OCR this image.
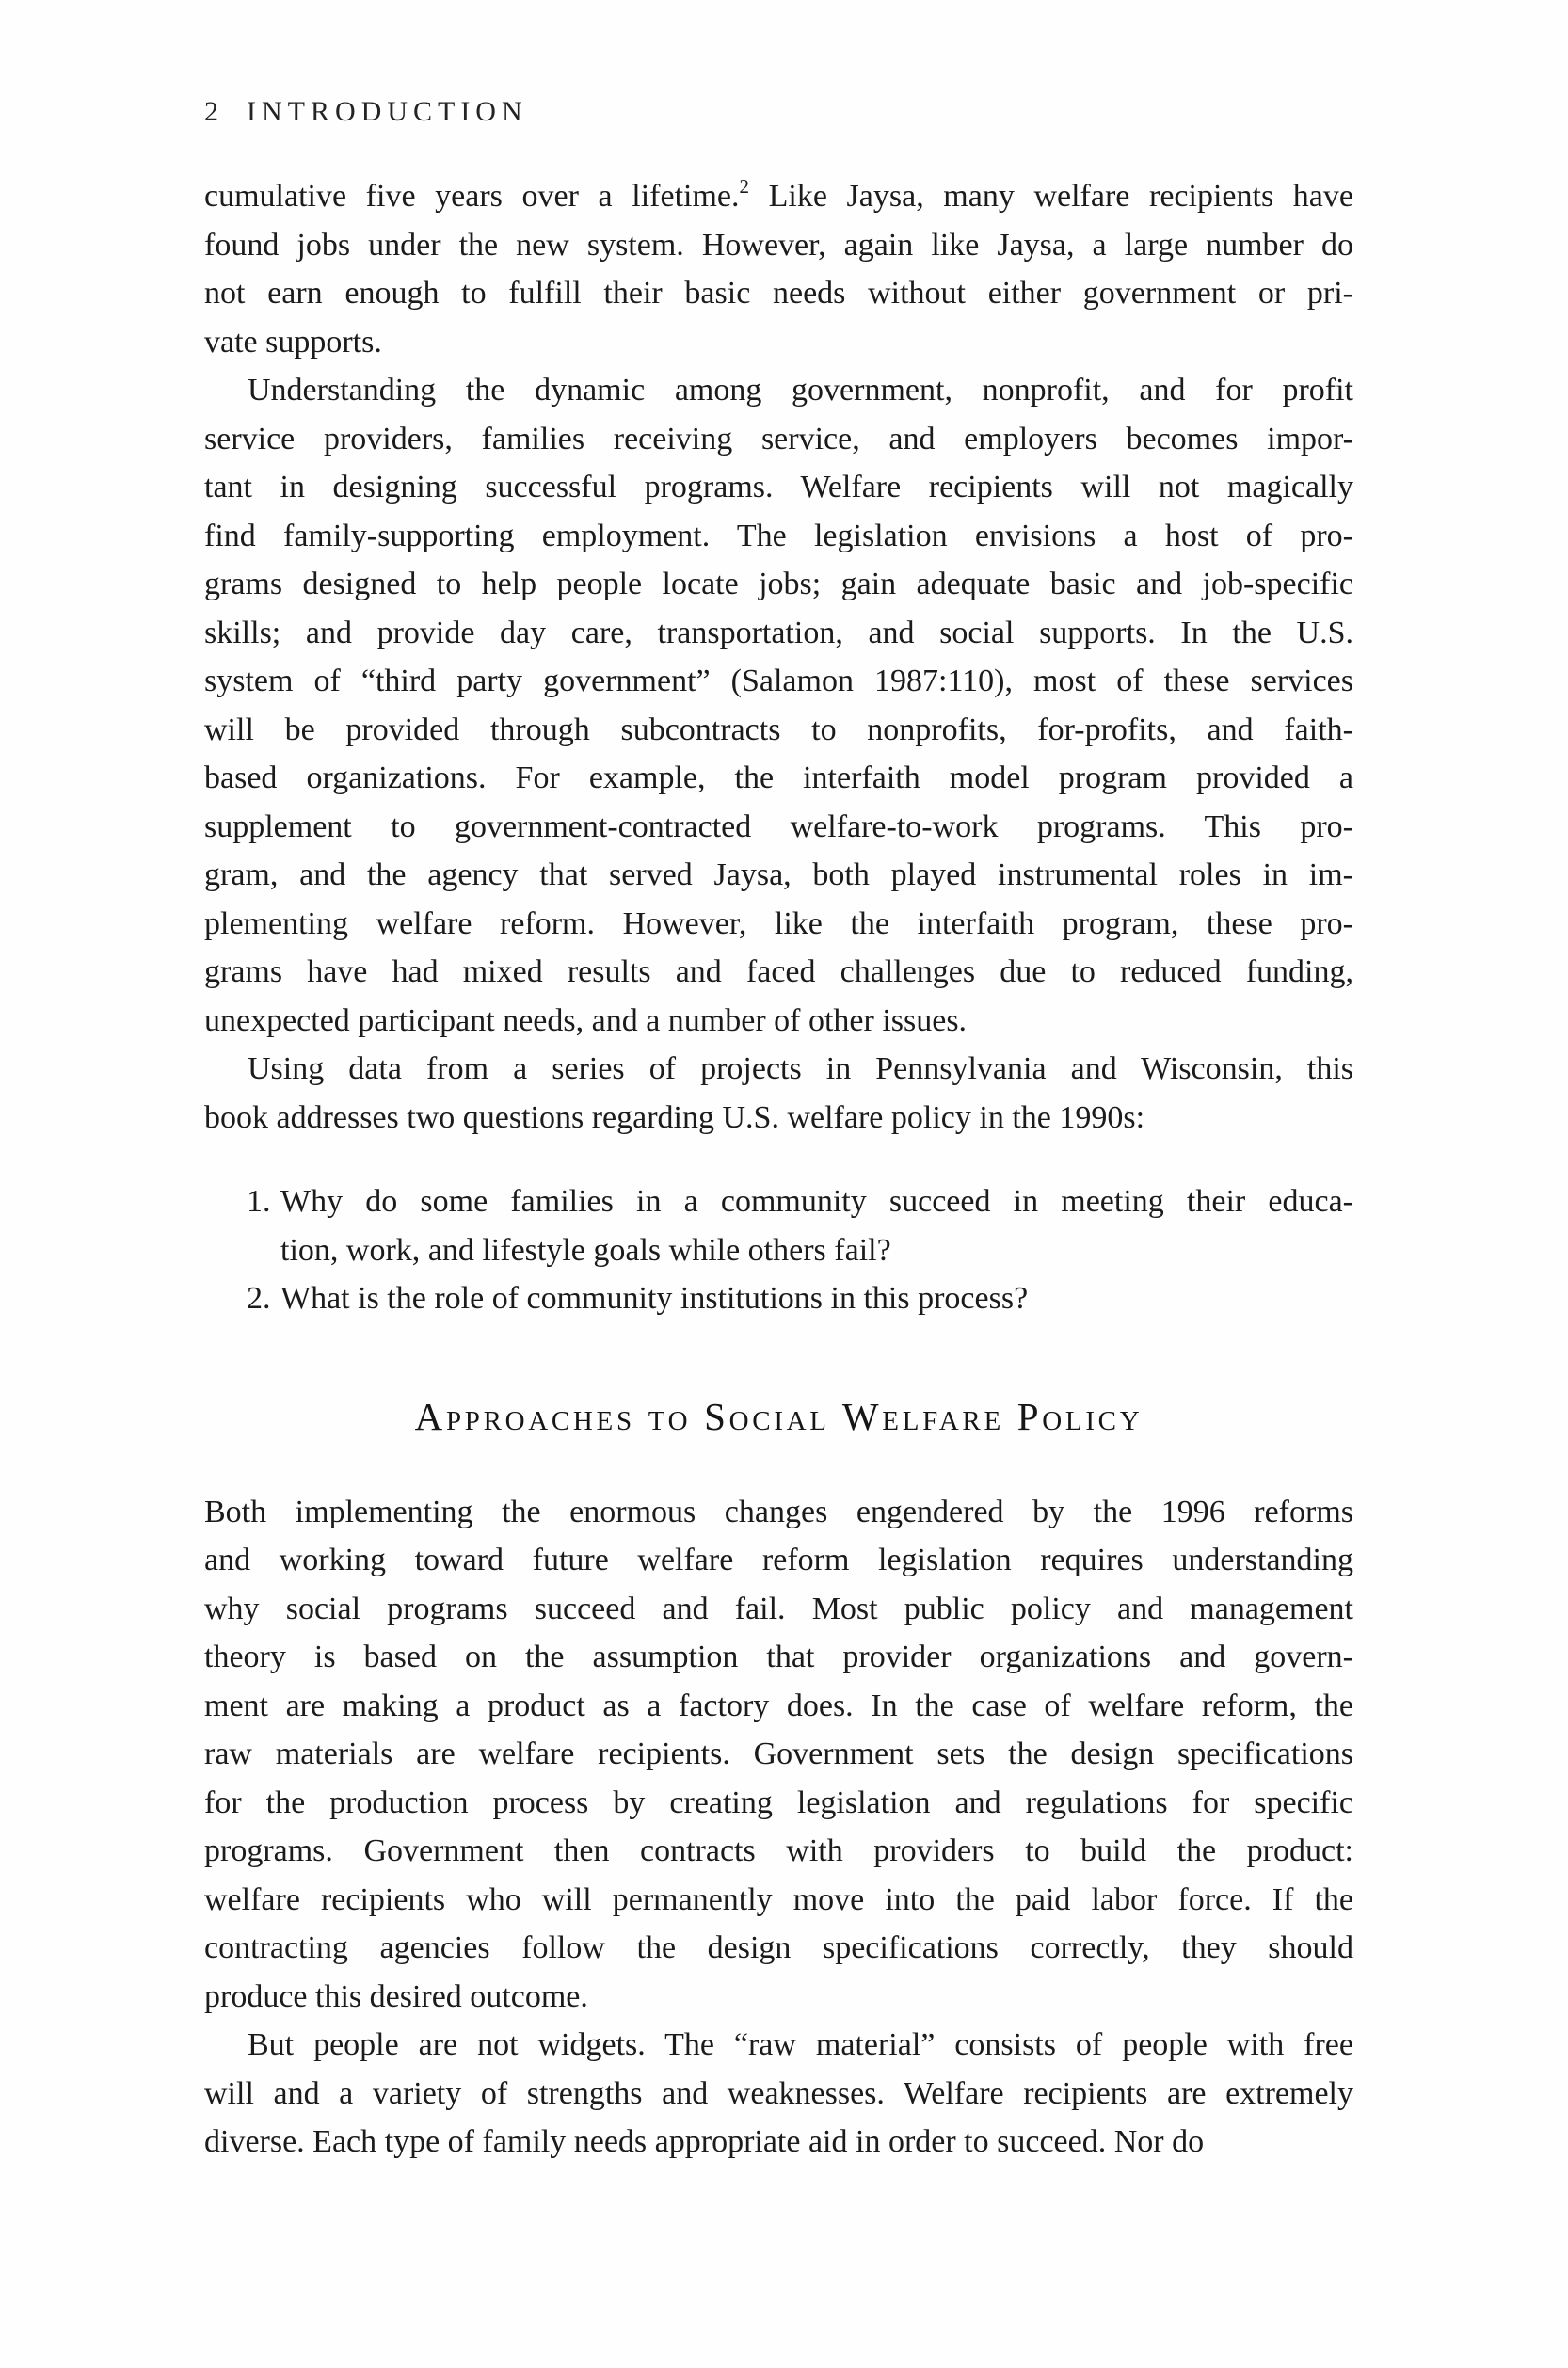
2 INTRODUCTION
cumulative five years over a lifetime.$^2$ Like Jaysa, many welfare recipients have
found jobs under the new system. However, again like Jaysa, a large number do
not earn enough to fulfill their basic needs without either government or pri-
vate supports.
Understanding the dynamic among government, nonprofit, and for profit
service providers, families receiving service, and employers becomes impor-
tant in designing successful programs. Welfare recipients will not magically
find family-supporting employment. The legislation envisions a host of pro-
grams designed to help people locate jobs; gain adequate basic and job-specific
skills; and provide day care, transportation, and social supports. In the U.S.
system of “third party government” (Salamon 1987:110), most of these services
will be provided through subcontracts to nonprofits, for-profits, and faith-
based organizations. For example, the interfaith model program provided a
supplement to government-contracted welfare-to-work programs. This pro-
gram, and the agency that served Jaysa, both played instrumental roles in im-
plementing welfare reform. However, like the interfaith program, these pro-
grams have had mixed results and faced challenges due to reduced funding,
unexpected participant needs, and a number of other issues.
Using data from a series of projects in Pennsylvania and Wisconsin, this
book addresses two questions regarding U.S. welfare policy in the 1990s:
1. Why do some families in a community succeed in meeting their educa-
tion, work, and lifestyle goals while others fail?
2. What is the role of community institutions in this process?
Approaches to Social Welfare Policy
Both implementing the enormous changes engendered by the 1996 reforms
and working toward future welfare reform legislation requires understanding
why social programs succeed and fail. Most public policy and management
theory is based on the assumption that provider organizations and govern-
ment are making a product as a factory does. In the case of welfare reform, the
raw materials are welfare recipients. Government sets the design specifications
for the production process by creating legislation and regulations for specific
programs. Government then contracts with providers to build the product:
welfare recipients who will permanently move into the paid labor force. If the
contracting agencies follow the design specifications correctly, they should
produce this desired outcome.
But people are not widgets. The “raw material” consists of people with free
will and a variety of strengths and weaknesses. Welfare recipients are extremely
diverse. Each type of family needs appropriate aid in order to succeed. Nor do
